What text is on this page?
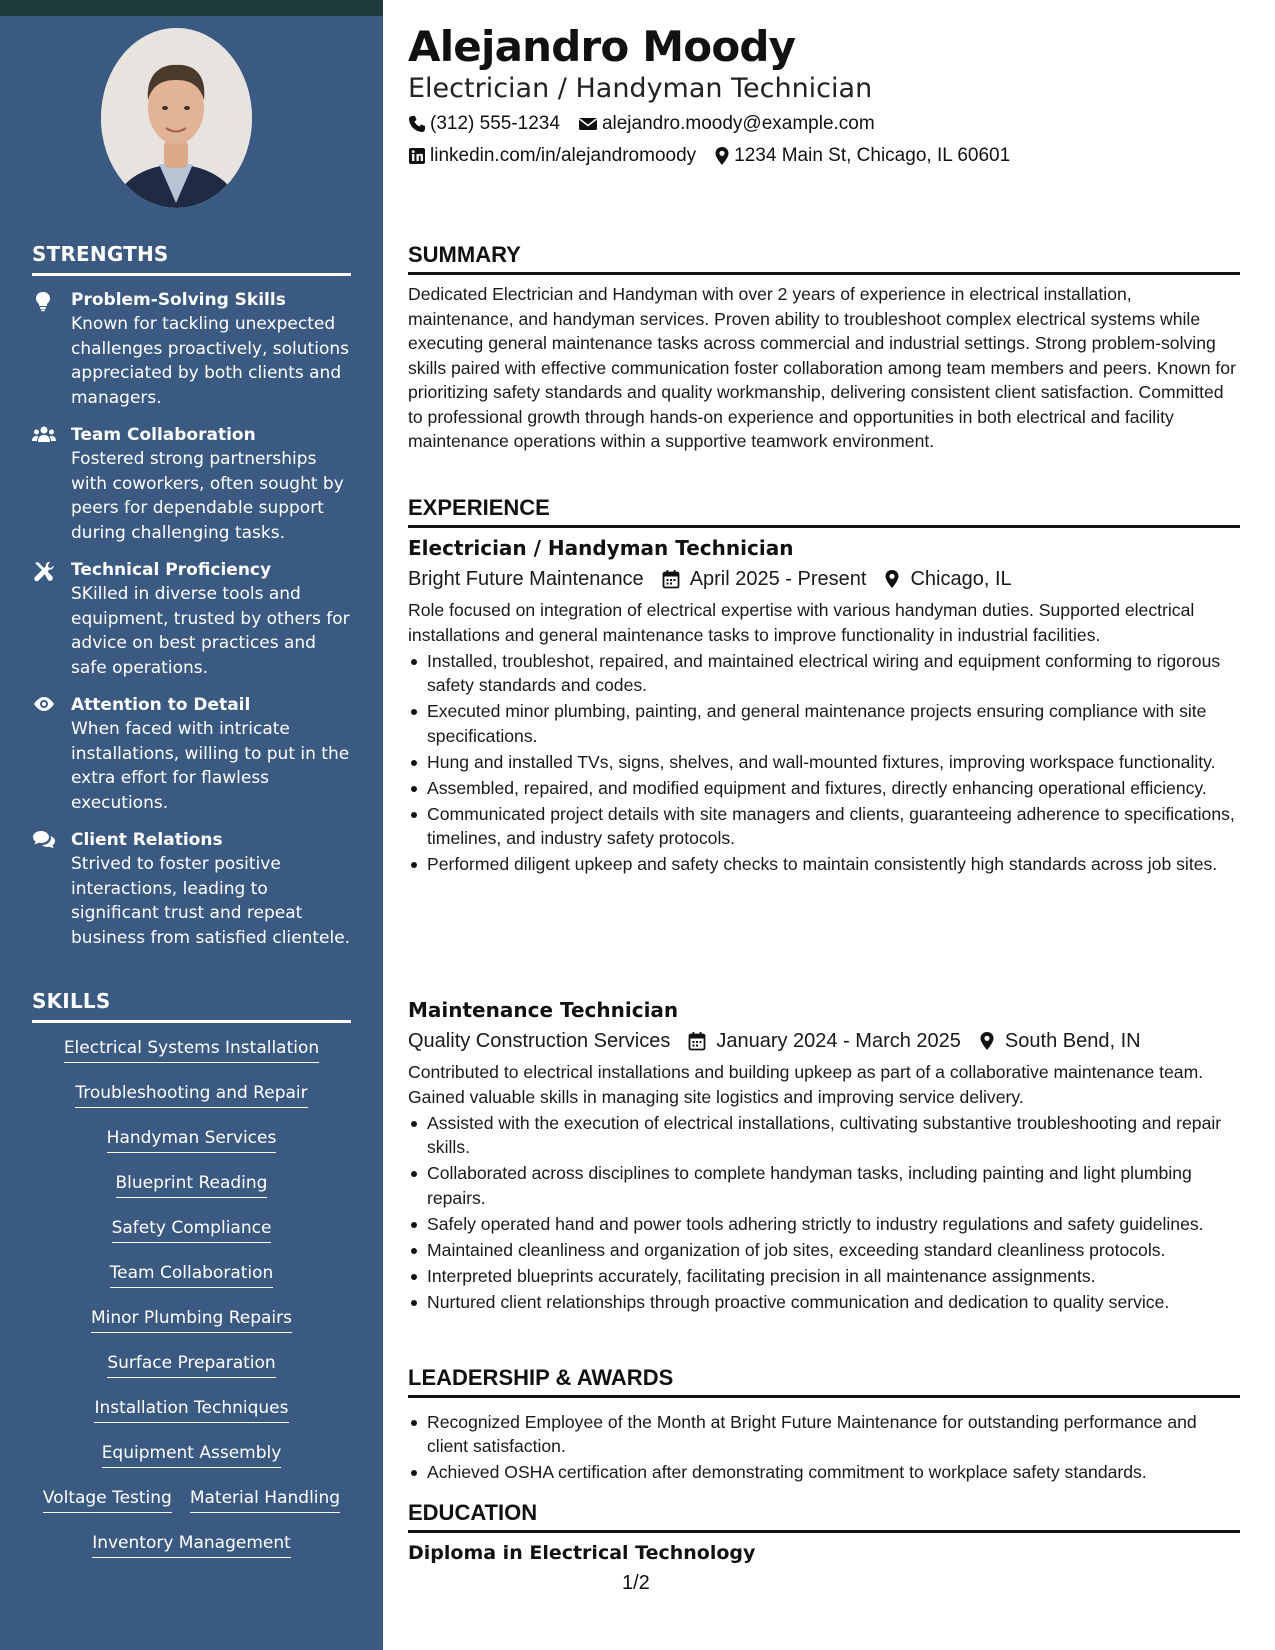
STRENGTHS
Problem-Solving Skills
Known for tackling unexpected challenges proactively, solutions appreciated by both clients and managers.
Team Collaboration
Fostered strong partnerships with coworkers, often sought by peers for dependable support during challenging tasks.
Technical Proficiency
SKilled in diverse tools and equipment, trusted by others for advice on best practices and safe operations.
Attention to Detail
When faced with intricate installations, willing to put in the extra effort for flawless executions.
Client Relations
Strived to foster positive interactions, leading to significant trust and repeat business from satisfied clientele.
SKILLS
Electrical Systems Installation
Troubleshooting and Repair
Handyman Services
Blueprint Reading
Safety Compliance
Team Collaboration
Minor Plumbing Repairs
Surface Preparation
Installation Techniques
Equipment Assembly
Voltage Testing Material Handling
Inventory Management
Alejandro Moody
Electrician / Handyman Technician
(312) 555-1234 alejandro.moody@example.com
linkedin.com/in/alejandromoody 1234 Main St, Chicago, IL 60601
SUMMARY
Dedicated Electrician and Handyman with over 2 years of experience in electrical installation, maintenance, and handyman services. Proven ability to troubleshoot complex electrical systems while executing general maintenance tasks across commercial and industrial settings. Strong problem-solving skills paired with effective communication foster collaboration among team members and peers. Known for prioritizing safety standards and quality workmanship, delivering consistent client satisfaction. Committed to professional growth through hands-on experience and opportunities in both electrical and facility maintenance operations within a supportive teamwork environment.
EXPERIENCE
Electrician / Handyman Technician
Bright Future Maintenance April 2025 - Present Chicago, IL
Role focused on integration of electrical expertise with various handyman duties. Supported electrical installations and general maintenance tasks to improve functionality in industrial facilities.
Installed, troubleshot, repaired, and maintained electrical wiring and equipment conforming to rigorous safety standards and codes.
Executed minor plumbing, painting, and general maintenance projects ensuring compliance with site specifications.
Hung and installed TVs, signs, shelves, and wall-mounted fixtures, improving workspace functionality.
Assembled, repaired, and modified equipment and fixtures, directly enhancing operational efficiency.
Communicated project details with site managers and clients, guaranteeing adherence to specifications, timelines, and industry safety protocols.
Performed diligent upkeep and safety checks to maintain consistently high standards across job sites.
Maintenance Technician
Quality Construction Services January 2024 - March 2025 South Bend, IN
Contributed to electrical installations and building upkeep as part of a collaborative maintenance team. Gained valuable skills in managing site logistics and improving service delivery.
Assisted with the execution of electrical installations, cultivating substantive troubleshooting and repair skills.
Collaborated across disciplines to complete handyman tasks, including painting and light plumbing repairs.
Safely operated hand and power tools adhering strictly to industry regulations and safety guidelines.
Maintained cleanliness and organization of job sites, exceeding standard cleanliness protocols.
Interpreted blueprints accurately, facilitating precision in all maintenance assignments.
Nurtured client relationships through proactive communication and dedication to quality service.
LEADERSHIP & AWARDS
Recognized Employee of the Month at Bright Future Maintenance for outstanding performance and client satisfaction.
Achieved OSHA certification after demonstrating commitment to workplace safety standards.
EDUCATION
Diploma in Electrical Technology
1/2
